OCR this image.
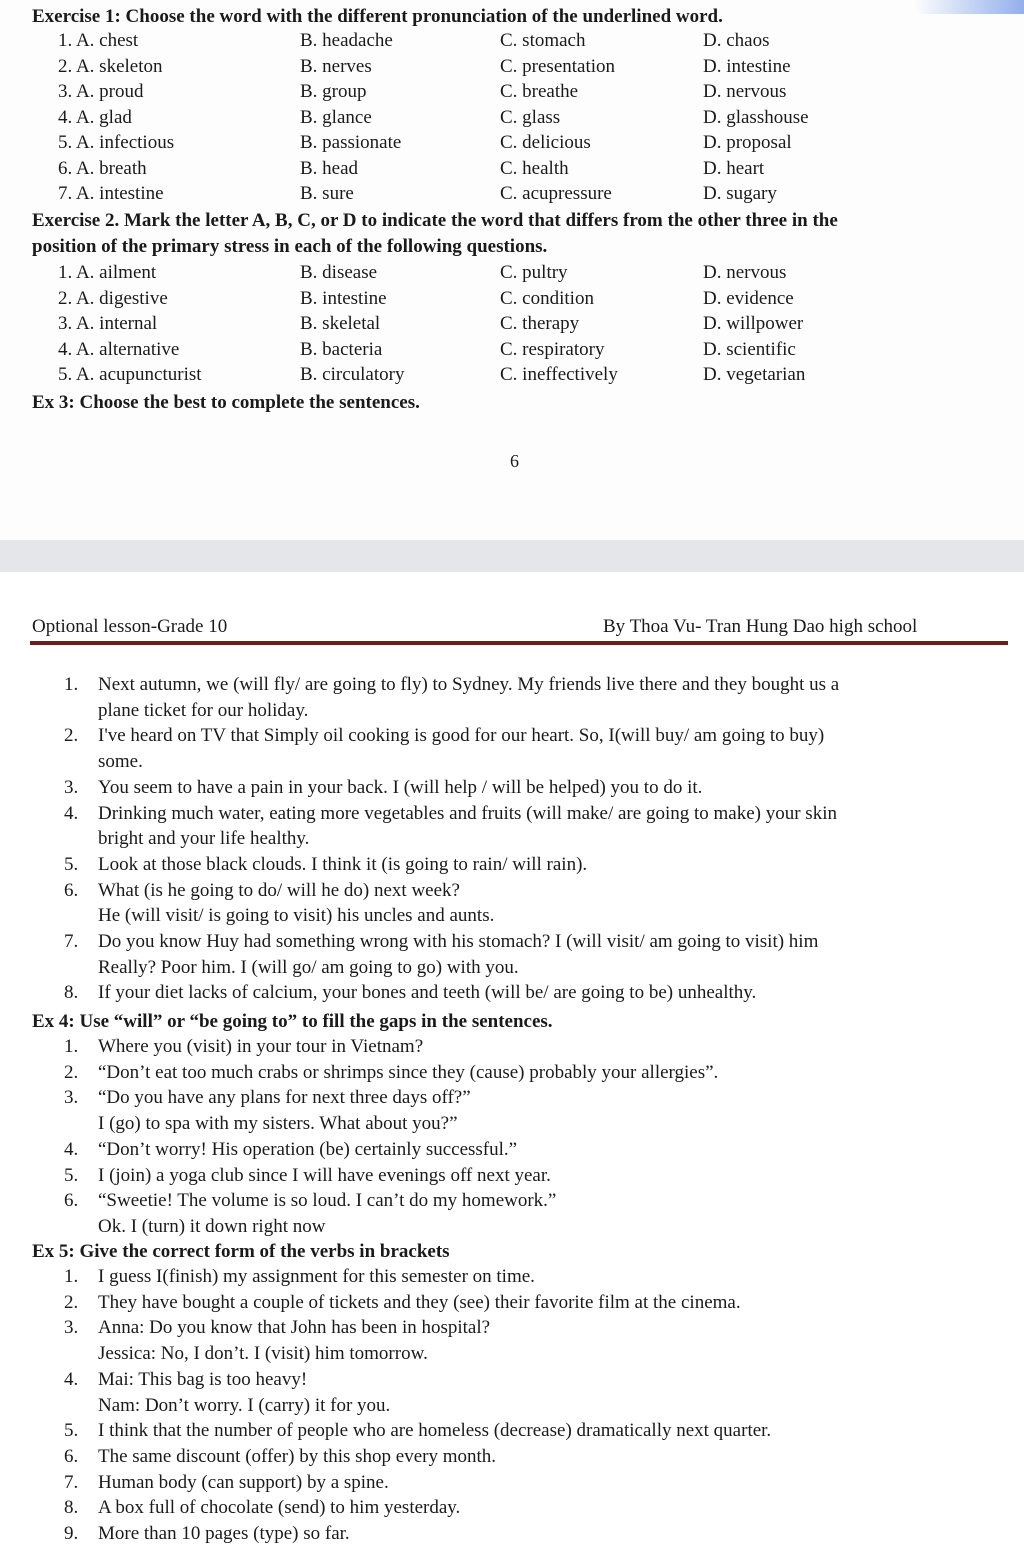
Exercise 1: Choose the word with the different pronunciation of the underlined word.
1. A. chest	B. headache	C. stomach	D. chaos
2. A. skeleton	B. nerves	C. presentation	D. intestine
3. A. proud	B. group	C. breathe	D. nervous
4. A. glad	B. glance	C. glass	D. glasshouse
5. A. infectious	B. passionate	C. delicious	D. proposal
6. A. breath	B. head	C. health	D. heart
7. A. intestine	B. sure	C. acupressure	D. sugary
Exercise 2. Mark the letter A, B, C, or D to indicate the word that differs from the other three in the
position of the primary stress in each of the following questions.
1. A. ailment	B. disease	C. pultry	D. nervous
2. A. digestive	B. intestine	C. condition	D. evidence
3. A. internal	B. skeletal	C. therapy	D. willpower
4. A. alternative	B. bacteria	C. respiratory	D. scientific
5. A. acupuncturist	B. circulatory	C. ineffectively	D. vegetarian
Ex 3: Choose the best to complete the sentences.
6
Optional lesson-Grade 10	By Thoa Vu- Tran Hung Dao high school
1. Next autumn, we (will fly/ are going to fly) to Sydney. My friends live there and they bought us a
plane ticket for our holiday.
2. I've heard on TV that Simply oil cooking is good for our heart. So, I(will buy/ am going to buy)
some.
3. You seem to have a pain in your back. I (will help / will be helped) you to do it.
4. Drinking much water, eating more vegetables and fruits (will make/ are going to make) your skin
bright and your life healthy.
5. Look at those black clouds. I think it (is going to rain/ will rain).
6. What (is he going to do/ will he do) next week?
He (will visit/ is going to visit) his uncles and aunts.
7. Do you know Huy had something wrong with his stomach? I (will visit/ am going to visit) him
Really? Poor him. I (will go/ am going to go) with you.
8. If your diet lacks of calcium, your bones and teeth (will be/ are going to be) unhealthy.
Ex 4: Use “will” or “be going to” to fill the gaps in the sentences.
1. Where you (visit) in your tour in Vietnam?
2. “Don’t eat too much crabs or shrimps since they (cause) probably your allergies”.
3. “Do you have any plans for next three days off?”
I (go) to spa with my sisters. What about you?”
4. “Don’t worry! His operation (be) certainly successful.”
5. I (join) a yoga club since I will have evenings off next year.
6. “Sweetie! The volume is so loud. I can’t do my homework.”
Ok. I (turn) it down right now
Ex 5: Give the correct form of the verbs in brackets
1. I guess I(finish) my assignment for this semester on time.
2. They have bought a couple of tickets and they (see) their favorite film at the cinema.
3. Anna: Do you know that John has been in hospital?
Jessica: No, I don’t. I (visit) him tomorrow.
4. Mai: This bag is too heavy!
Nam: Don’t worry. I (carry) it for you.
5. I think that the number of people who are homeless (decrease) dramatically next quarter.
6. The same discount (offer) by this shop every month.
7. Human body (can support) by a spine.
8. A box full of chocolate (send) to him yesterday.
9. More than 10 pages (type) so far.
